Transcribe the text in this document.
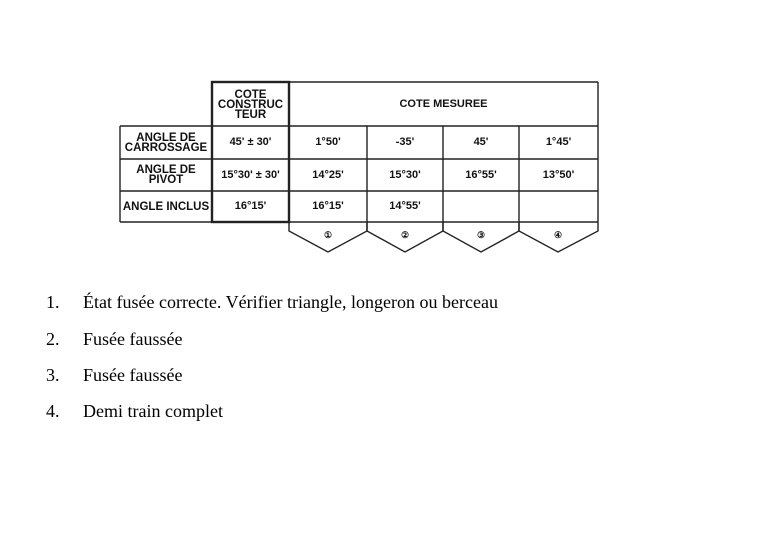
COTE CONSTRUC TEUR
COTE MESUREE
ANGLE DE CARROSSAGE	45' ± 30'	1°50'	-35'	45'	1°45'
ANGLE DE PIVOT	15°30' ± 30'	14°25'	15°30'	16°55'	13°50'
ANGLE INCLUS	16°15'	16°15'	14°55'
①	②	③	④
1. État fusée correcte. Vérifier triangle, longeron ou berceau
2. Fusée faussée
3. Fusée faussée
4. Demi train complet
